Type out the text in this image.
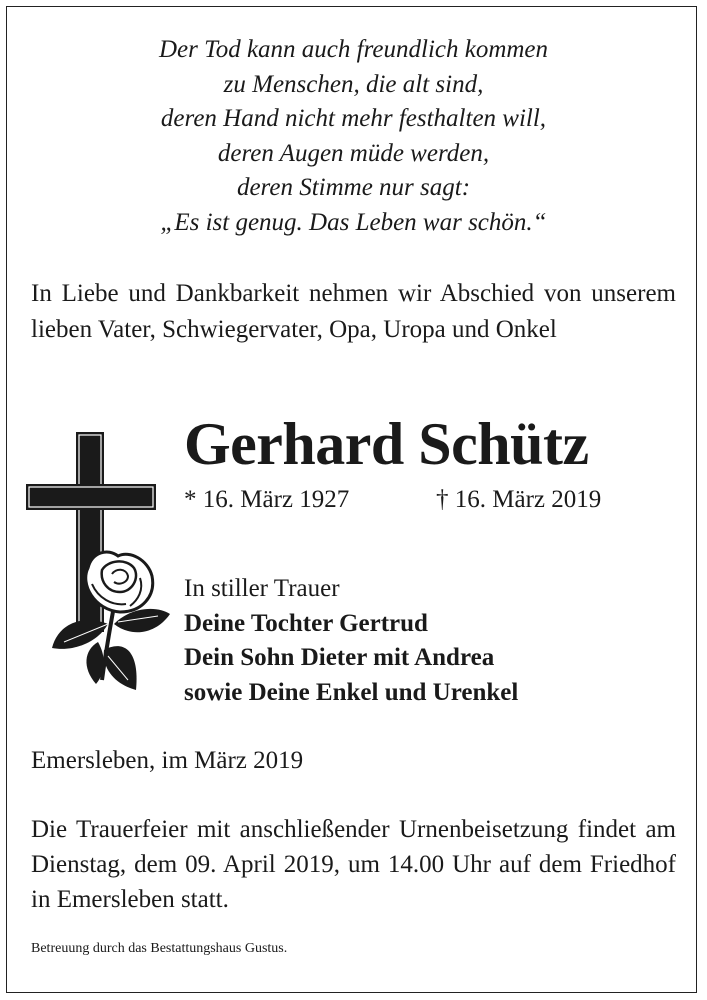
Der Tod kann auch freundlich kommen
zu Menschen, die alt sind,
deren Hand nicht mehr festhalten will,
deren Augen müde werden,
deren Stimme nur sagt:
„Es ist genug. Das Leben war schön.“
In Liebe und Dankbarkeit nehmen wir Abschied von unserem lieben Vater, Schwiegervater, Opa, Uropa und Onkel
Gerhard Schütz
* 16. März 1927	† 16. März 2019
In stiller Trauer
Deine Tochter Gertrud
Dein Sohn Dieter mit Andrea
sowie Deine Enkel und Urenkel
Emersleben, im März 2019
Die Trauerfeier mit anschließender Urnenbeisetzung findet am Dienstag, dem 09. April 2019, um 14.00 Uhr auf dem Friedhof in Emersleben statt.
Betreuung durch das Bestattungshaus Gustus.
